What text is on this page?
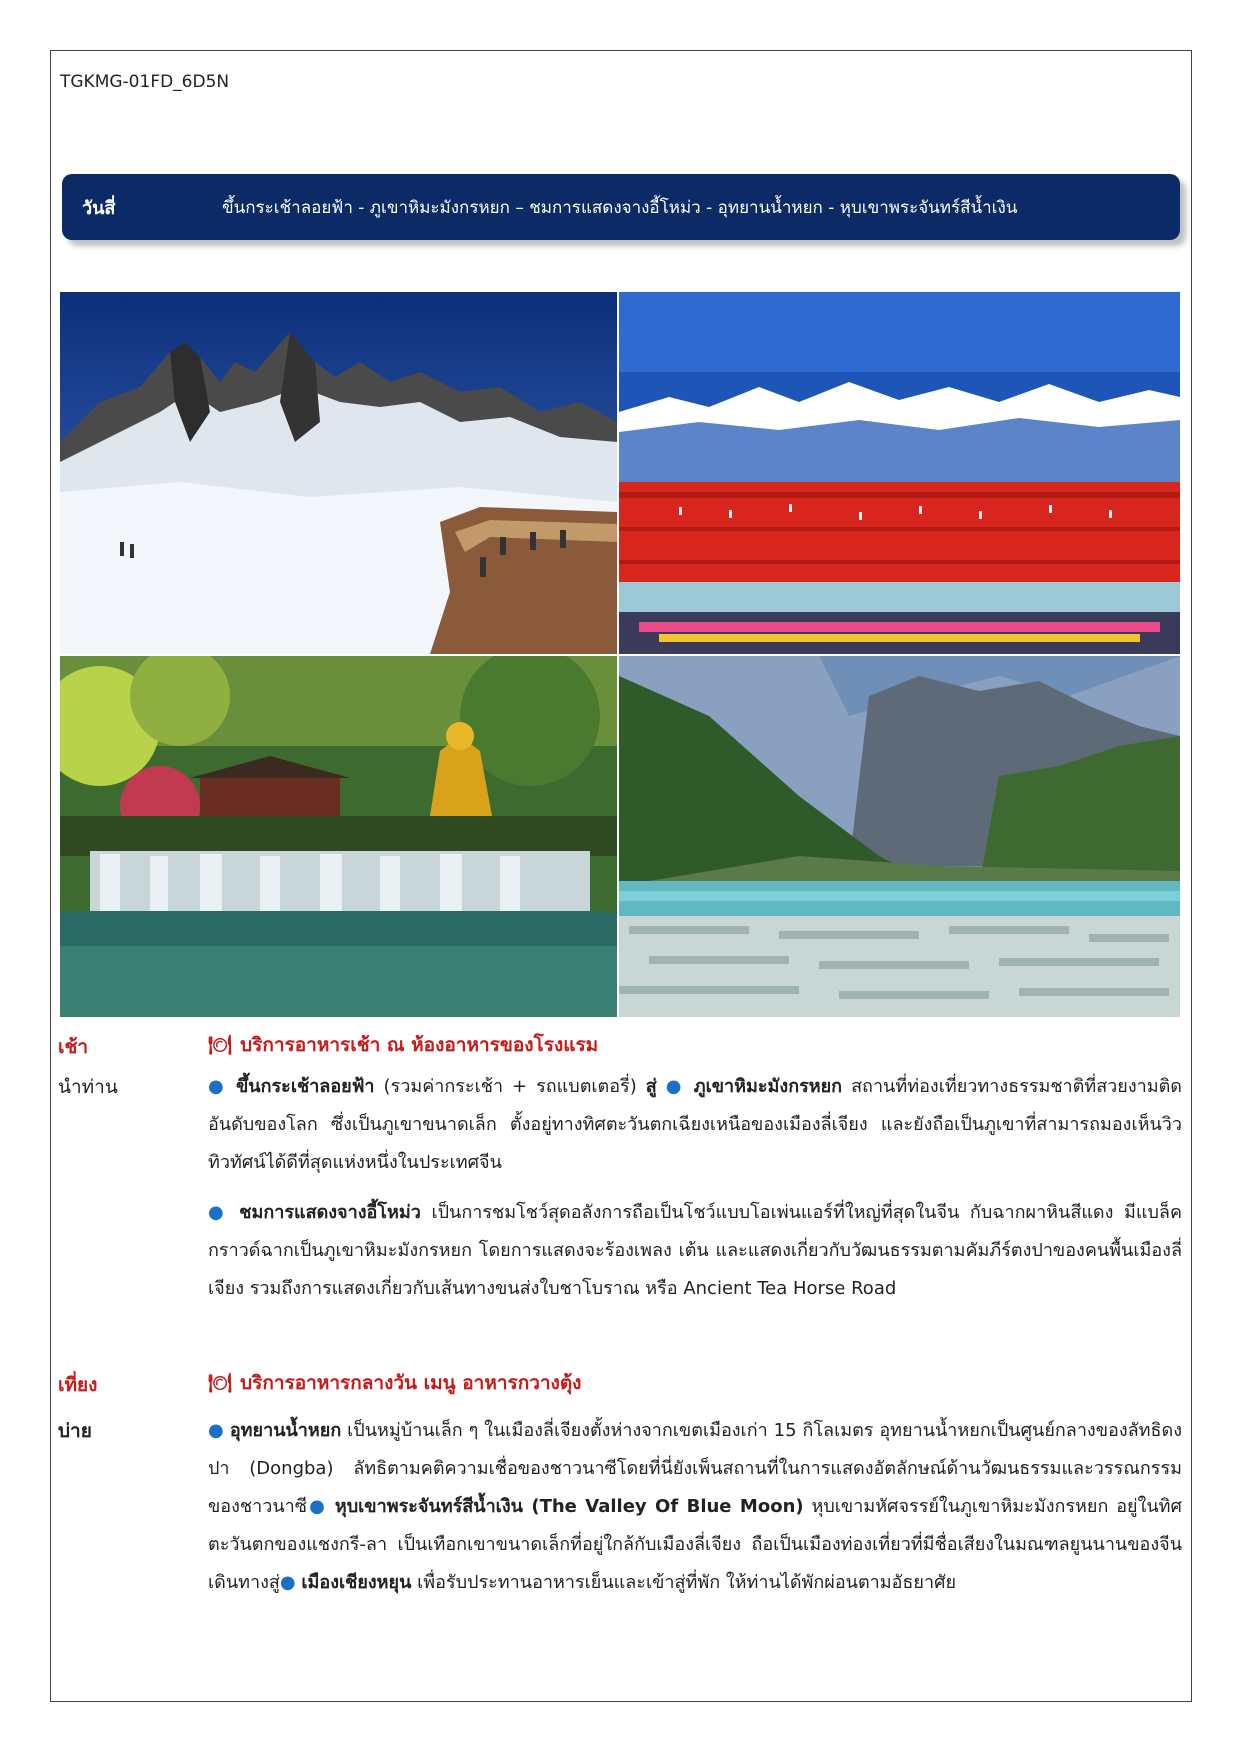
TGKMG-01FD_6D5N
วันสี่	ขึ้นกระเช้าลอยฟ้า - ภูเขาหิมะมังกรหยก – ชมการแสดงจางอี้โหม่ว - อุทยานน้ำหยก - หุบเขาพระจันทร์สีน้ำเงิน
เช้า	🍽 บริการอาหารเช้า ณ ห้องอาหารของโรงแรม
นำท่าน	● ขึ้นกระเช้าลอยฟ้า (รวมค่ากระเช้า + รถแบตเตอรี่) สู่ ● ภูเขาหิมะมังกรหยก สถานที่ท่องเที่ยวทางธรรมชาติที่สวยงามติดอันดับของโลก ซึ่งเป็นภูเขาขนาดเล็ก ตั้งอยู่ทางทิศตะวันตกเฉียงเหนือของเมืองลี่เจียง และยังถือเป็นภูเขาที่สามารถมองเห็นวิวทิวทัศน์ได้ดีที่สุดแห่งหนึ่งในประเทศจีน

● ชมการแสดงจางอี้โหม่ว เป็นการชมโชว์สุดอลังการถือเป็นโชว์แบบโอเพ่นแอร์ที่ใหญ่ที่สุดในจีน กับฉากผาหินสีแดง มีแบล็คกราวด์ฉากเป็นภูเขาหิมะมังกรหยก โดยการแสดงจะร้องเพลง เต้น และแสดงเกี่ยวกับวัฒนธรรมตามคัมภีร์ตงปาของคนพื้นเมืองลี่เจียง รวมถึงการแสดงเกี่ยวกับเส้นทางขนส่งใบชาโบราณ หรือ Ancient Tea Horse Road

เที่ยง	🍽 บริการอาหารกลางวัน เมนู อาหารกวางตุ้ง
บ่าย	● อุทยานน้ำหยก เป็นหมู่บ้านเล็ก ๆ ในเมืองลี่เจียงตั้งห่างจากเขตเมืองเก่า 15 กิโลเมตร อุทยานน้ำหยกเป็นศูนย์กลางของลัทธิดงปา (Dongba) ลัทธิตามคติความเชื่อของชาวนาซีโดยที่นี่ยังเพ็นสถานที่ในการแสดงอัตลักษณ์ด้านวัฒนธรรมและวรรณกรรมของชาวนาซี● หุบเขาพระจันทร์สีน้ำเงิน (The Valley Of Blue Moon) หุบเขามหัศจรรย์ในภูเขาหิมะมังกรหยก อยู่ในทิศตะวันตกของแชงกรี-ลา เป็นเทือกเขาขนาดเล็กที่อยู่ใกล้กับเมืองลี่เจียง ถือเป็นเมืองท่องเที่ยวที่มีชื่อเสียงในมณฑลยูนนานของจีนเดินทางสู่● เมืองเชียงหยุน เพื่อรับประทานอาหารเย็นและเข้าสู่ที่พัก ให้ท่านได้พักผ่อนตามอัธยาศัย
